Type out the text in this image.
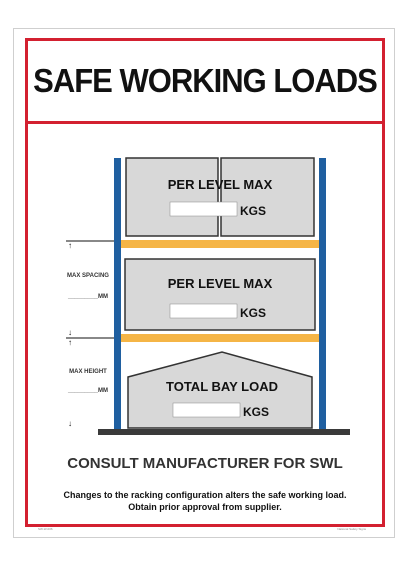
SAFE WORKING LOADS
PER LEVEL MAX
KGS
PER LEVEL MAX
KGS
TOTAL BAY LOAD
KGS
↑
↓
↑
↓
MAX SPACING
_________MM
MAX HEIGHT
_________MM
CONSULT MANUFACTURER FOR SWL
Changes to the racking configuration alters the safe working load.
Obtain prior approval from supplier.
SW-W-006	National Safety Signs
